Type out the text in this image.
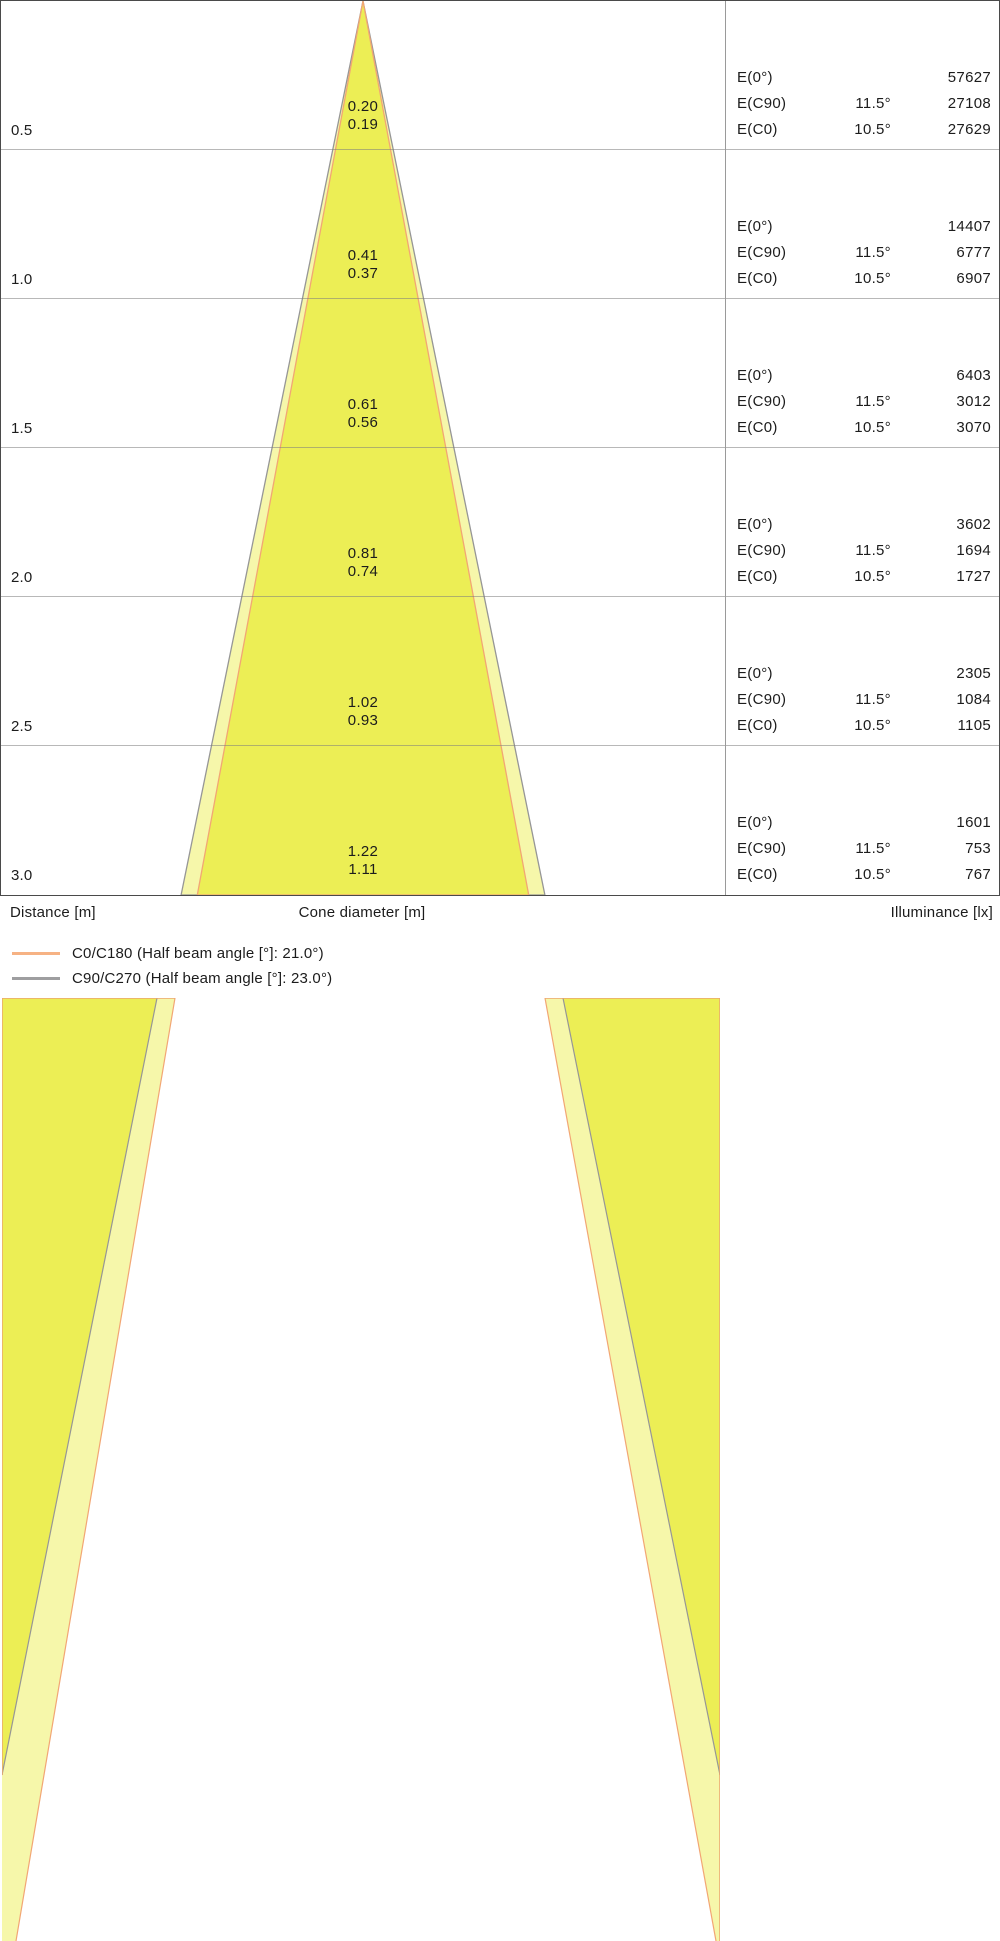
0.5
0.20
0.19
E(0°)	57627
E(C90)	11.5°	27108
E(C0)	10.5°	27629
1.0
0.41
0.37
E(0°)	14407
E(C90)	11.5°	6777
E(C0)	10.5°	6907
1.5
0.61
0.56
E(0°)	6403
E(C90)	11.5°	3012
E(C0)	10.5°	3070
2.0
0.81
0.74
E(0°)	3602
E(C90)	11.5°	1694
E(C0)	10.5°	1727
2.5
1.02
0.93
E(0°)	2305
E(C90)	11.5°	1084
E(C0)	10.5°	1105
3.0
1.22
1.11
E(0°)	1601
E(C90)	11.5°	753
E(C0)	10.5°	767
Distance [m]	Cone diameter [m]	Illuminance [lx]
C0/C180 (Half beam angle [°]: 21.0°)
C90/C270 (Half beam angle [°]: 23.0°)
